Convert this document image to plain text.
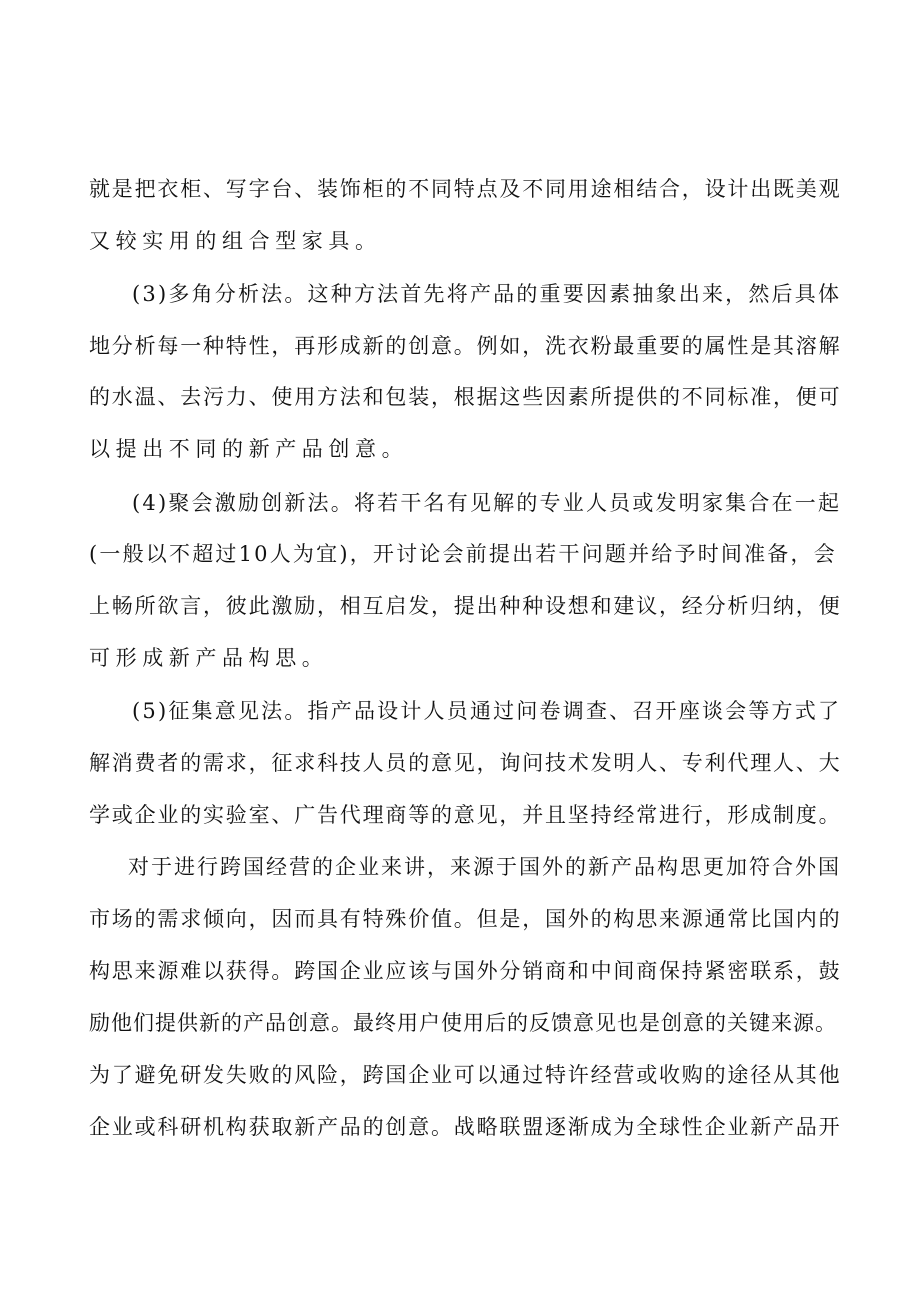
就是把衣柜、写字台、装饰柜的不同特点及不同用途相结合，设计出既美观
又较实用的组合型家具。
(3)多角分析法。这种方法首先将产品的重要因素抽象出来，然后具体
地分析每一种特性，再形成新的创意。例如，洗衣粉最重要的属性是其溶解
的水温、去污力、使用方法和包装，根据这些因素所提供的不同标准，便可
以提出不同的新产品创意。
(4)聚会激励创新法。将若干名有见解的专业人员或发明家集合在一起
(一般以不超过10人为宜)，开讨论会前提出若干问题并给予时间准备，会
上畅所欲言，彼此激励，相互启发，提出种种设想和建议，经分析归纳，便
可形成新产品构思。
(5)征集意见法。指产品设计人员通过问卷调查、召开座谈会等方式了
解消费者的需求，征求科技人员的意见，询问技术发明人、专利代理人、大
学或企业的实验室、广告代理商等的意见，并且坚持经常进行，形成制度。
对于进行跨国经营的企业来讲，来源于国外的新产品构思更加符合外国
市场的需求倾向，因而具有特殊价值。但是，国外的构思来源通常比国内的
构思来源难以获得。跨国企业应该与国外分销商和中间商保持紧密联系，鼓
励他们提供新的产品创意。最终用户使用后的反馈意见也是创意的关键来源。
为了避免研发失败的风险，跨国企业可以通过特许经营或收购的途径从其他
企业或科研机构获取新产品的创意。战略联盟逐渐成为全球性企业新产品开
